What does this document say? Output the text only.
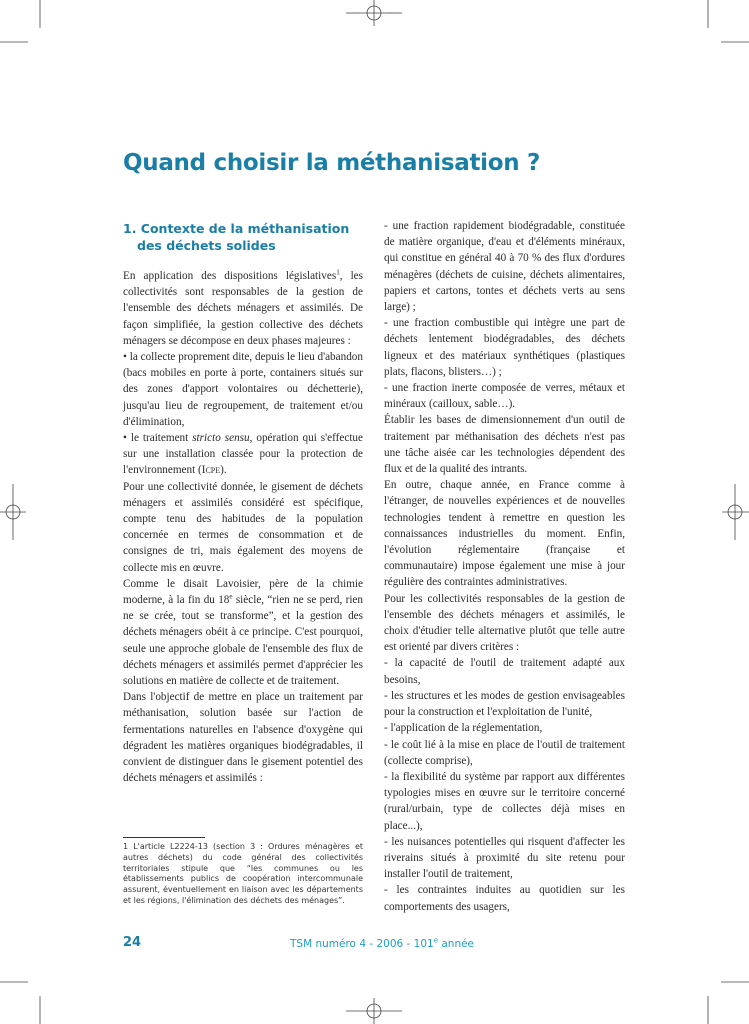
Quand choisir la méthanisation ?
1. Contexte de la méthanisation
des déchets solides

En application des dispositions législatives$^1$, les collectivités sont responsables de la gestion de l'ensemble des déchets ménagers et assimilés. De façon simplifiée, la gestion collective des déchets ménagers se décompose en deux phases majeures :

• la collecte proprement dite, depuis le lieu d'abandon (bacs mobiles en porte à porte, containers situés sur des zones d'apport volontaires ou déchetterie), jusqu'au lieu de regroupement, de traitement et/ou d'élimination,

• le traitement stricto sensu, opération qui s'effectue sur une installation classée pour la protection de l'environnement (Icpe).

Pour une collectivité donnée, le gisement de déchets ménagers et assimilés considéré est spécifique, compte tenu des habitudes de la population concernée en termes de consommation et de consignes de tri, mais également des moyens de collecte mis en œuvre.

Comme le disait Lavoisier, père de la chimie moderne, à la fin du 18e siècle, “rien ne se perd, rien ne se crée, tout se transforme”, et la gestion des déchets ménagers obéit à ce principe. C'est pourquoi, seule une approche globale de l'ensemble des flux de déchets ménagers et assimilés permet d'apprécier les solutions en matière de collecte et de traitement.

Dans l'objectif de mettre en place un traitement par méthanisation, solution basée sur l'action de fermentations naturelles en l'absence d'oxygène qui dégradent les matières organiques biodégradables, il convient de distinguer dans le gisement potentiel des déchets ménagers et assimilés :

1 L'article L2224-13 (section 3 : Ordures ménagères et autres déchets) du code général des collectivités territoriales stipule que “les communes ou les établissements publics de coopération intercommunale assurent, éventuellement en liaison avec les départements et les régions, l'élimination des déchets des ménages”.

- une fraction rapidement biodégradable, constituée de matière organique, d'eau et d'éléments minéraux, qui constitue en général 40 à 70 % des flux d'ordures ménagères (déchets de cuisine, déchets alimentaires, papiers et cartons, tontes et déchets verts au sens large) ;

- une fraction combustible qui intègre une part de déchets lentement biodégradables, des déchets ligneux et des matériaux synthétiques (plastiques plats, flacons, blisters…) ;

- une fraction inerte composée de verres, métaux et minéraux (cailloux, sable…).

Établir les bases de dimensionnement d'un outil de traitement par méthanisation des déchets n'est pas une tâche aisée car les technologies dépendent des flux et de la qualité des intrants.

En outre, chaque année, en France comme à l'étranger, de nouvelles expériences et de nouvelles technologies tendent à remettre en question les connaissances industrielles du moment. Enfin, l'évolution réglementaire (française et communautaire) impose également une mise à jour régulière des contraintes administratives.

Pour les collectivités responsables de la gestion de l'ensemble des déchets ménagers et assimilés, le choix d'étudier telle alternative plutôt que telle autre est orienté par divers critères :

- la capacité de l'outil de traitement adapté aux besoins,

- les structures et les modes de gestion envisageables pour la construction et l'exploitation de l'unité,

- l'application de la réglementation,

- le coût lié à la mise en place de l'outil de traitement (collecte comprise),

- la flexibilité du système par rapport aux différentes typologies mises en œuvre sur le territoire concerné (rural/urbain, type de collectes déjà mises en place...),

- les nuisances potentielles qui risquent d'affecter les riverains situés à proximité du site retenu pour installer l'outil de traitement,

- les contraintes induites au quotidien sur les comportements des usagers,

24	TSM numéro 4 - 2006 - 101e année
